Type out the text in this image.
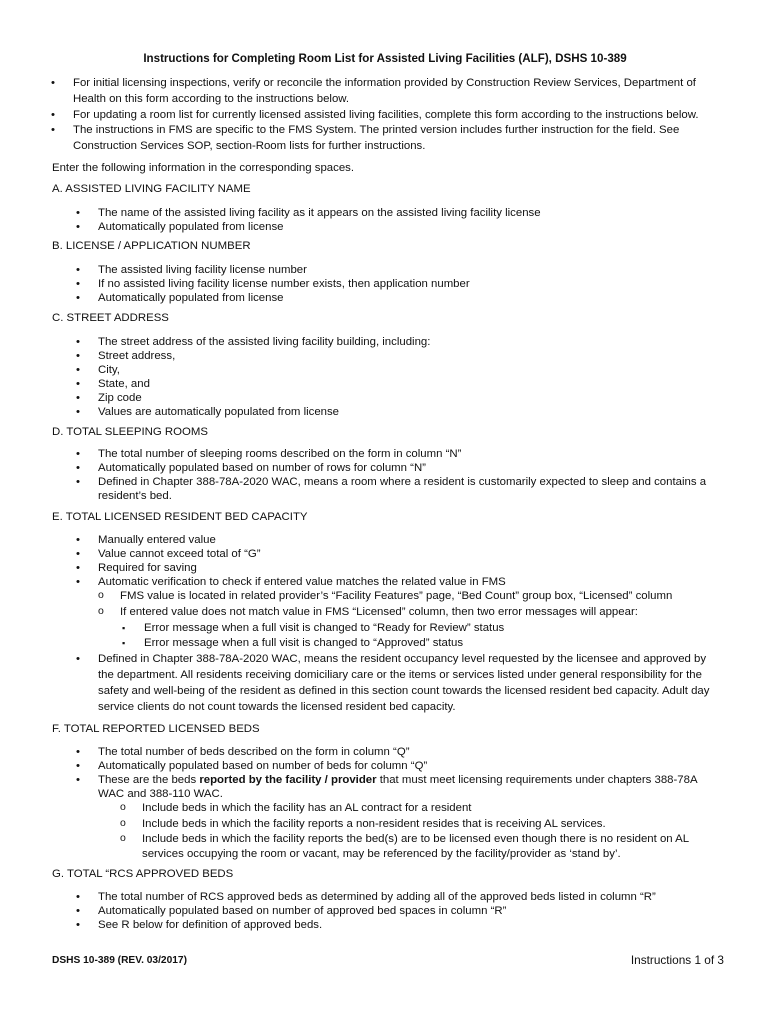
Instructions for Completing Room List for Assisted Living Facilities (ALF), DSHS 10-389
• For initial licensing inspections, verify or reconcile the information provided by Construction Review Services, Department of Health on this form according to the instructions below.
• For updating a room list for currently licensed assisted living facilities, complete this form according to the instructions below.
• The instructions in FMS are specific to the FMS System. The printed version includes further instruction for the field. See Construction Services SOP, section-Room lists for further instructions.
Enter the following information in the corresponding spaces.
A. ASSISTED LIVING FACILITY NAME
• The name of the assisted living facility as it appears on the assisted living facility license
• Automatically populated from license
B. LICENSE / APPLICATION NUMBER
• The assisted living facility license number
• If no assisted living facility license number exists, then application number
• Automatically populated from license
C. STREET ADDRESS
• The street address of the assisted living facility building, including:
• Street address,
• City,
• State, and
• Zip code
• Values are automatically populated from license
D. TOTAL SLEEPING ROOMS
• The total number of sleeping rooms described on the form in column “N”
• Automatically populated based on number of rows for column “N”
• Defined in Chapter 388-78A-2020 WAC, means a room where a resident is customarily expected to sleep and contains a resident’s bed.
E. TOTAL LICENSED RESIDENT BED CAPACITY
• Manually entered value
• Value cannot exceed total of “G”
• Required for saving
• Automatic verification to check if entered value matches the related value in FMS
o FMS value is located in related provider’s “Facility Features” page, “Bed Count” group box, “Licensed” column
o If entered value does not match value in FMS “Licensed” column, then two error messages will appear:
▪ Error message when a full visit is changed to “Ready for Review” status
▪ Error message when a full visit is changed to “Approved” status
• Defined in Chapter 388-78A-2020 WAC, means the resident occupancy level requested by the licensee and approved by the department. All residents receiving domiciliary care or the items or services listed under general responsibility for the safety and well-being of the resident as defined in this section count towards the licensed resident bed capacity. Adult day service clients do not count towards the licensed resident bed capacity.
F. TOTAL REPORTED LICENSED BEDS
• The total number of beds described on the form in column “Q”
• Automatically populated based on number of beds for column “Q”
• These are the beds reported by the facility / provider that must meet licensing requirements under chapters 388-78A WAC and 388-110 WAC.
o Include beds in which the facility has an AL contract for a resident
o Include beds in which the facility reports a non-resident resides that is receiving AL services.
o Include beds in which the facility reports the bed(s) are to be licensed even though there is no resident on AL services occupying the room or vacant, may be referenced by the facility/provider as ‘stand by’.
G. TOTAL “RCS APPROVED BEDS
• The total number of RCS approved beds as determined by adding all of the approved beds listed in column “R”
• Automatically populated based on number of approved bed spaces in column “R”
• See R below for definition of approved beds.
DSHS 10-389 (REV. 03/2017)	Instructions 1 of 3
